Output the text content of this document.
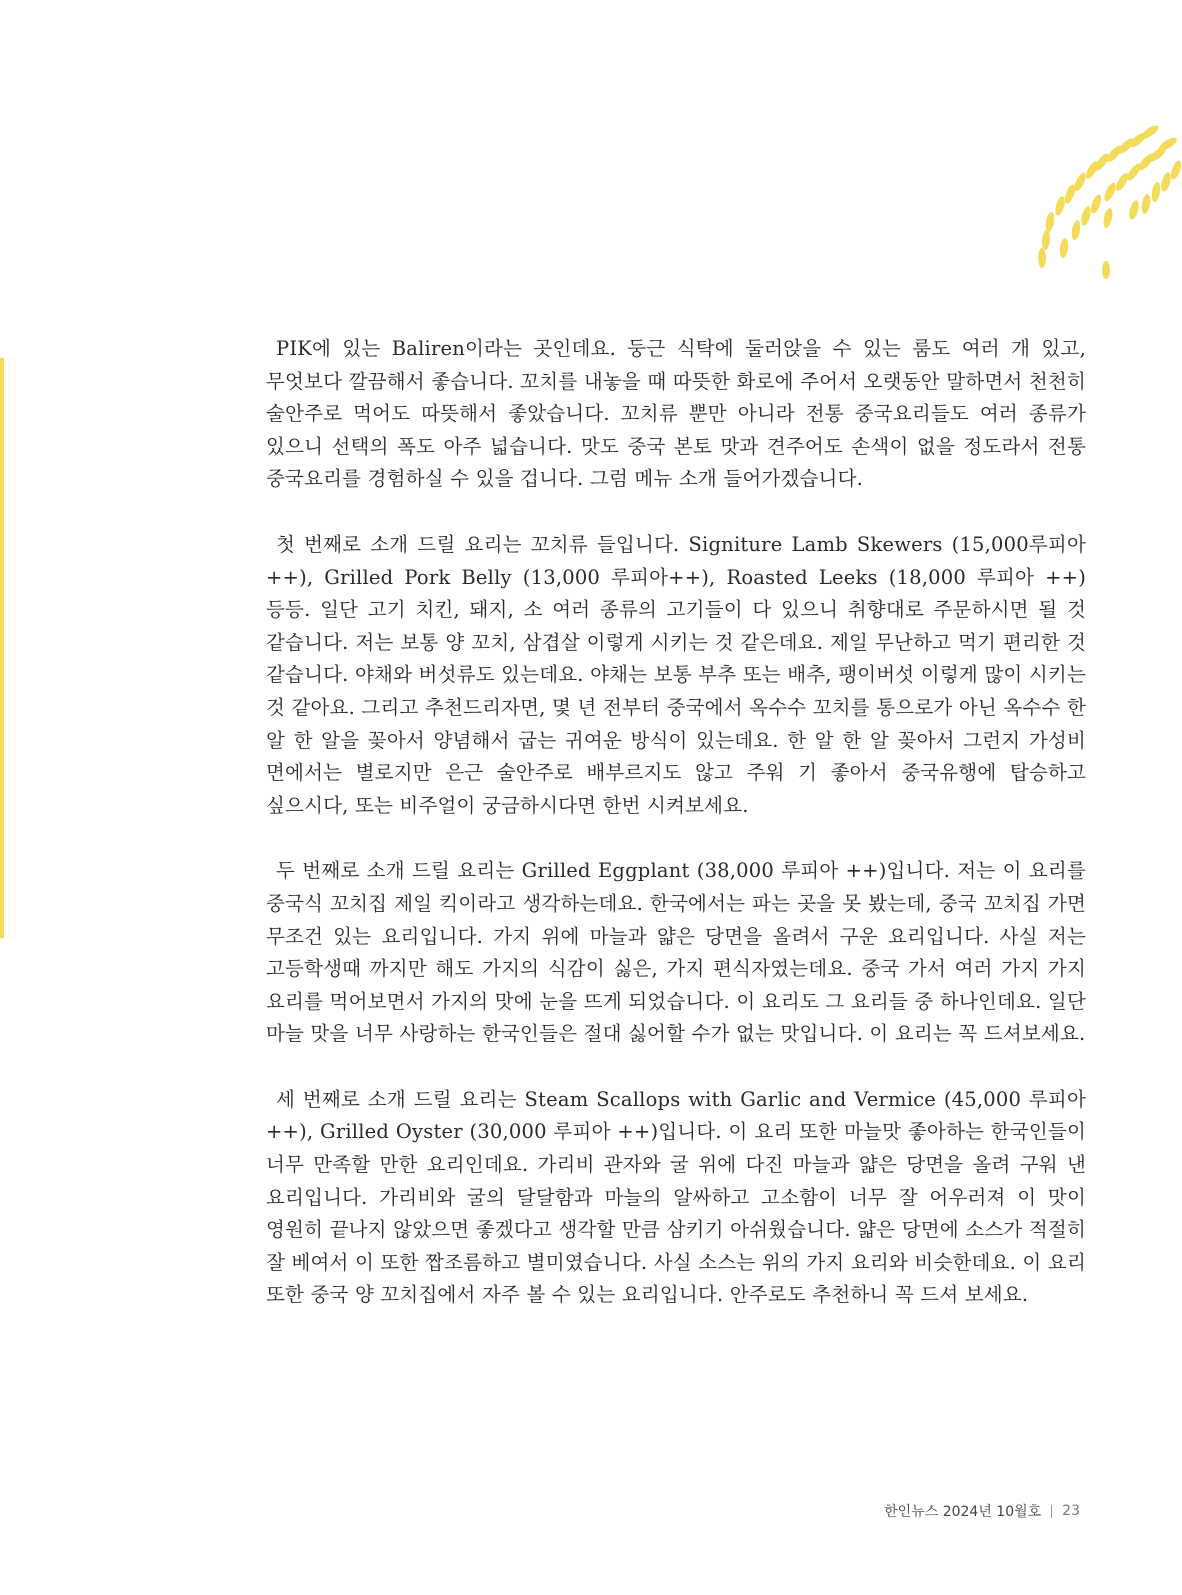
PIK에 있는 Baliren이라는 곳인데요. 둥근 식탁에 둘러앉을 수 있는 룸도 여러 개 있고, 무엇보다 깔끔해서 좋습니다. 꼬치를 내놓을 때 따뜻한 화로에 주어서 오랫동안 말하면서 천천히 술안주로 먹어도 따뜻해서 좋았습니다. 꼬치류 뿐만 아니라 전통 중국요리들도 여러 종류가 있으니 선택의 폭도 아주 넓습니다. 맛도 중국 본토 맛과 견주어도 손색이 없을 정도라서 전통 중국요리를 경험하실 수 있을 겁니다. 그럼 메뉴 소개 들어가겠습니다.

첫 번째로 소개 드릴 요리는 꼬치류 들입니다. Signiture Lamb Skewers (15,000루피아 ++), Grilled Pork Belly (13,000 루피아++), Roasted Leeks (18,000 루피아 ++) 등등. 일단 고기 치킨, 돼지, 소 여러 종류의 고기들이 다 있으니 취향대로 주문하시면 될 것 같습니다. 저는 보통 양 꼬치, 삼겹살 이렇게 시키는 것 같은데요. 제일 무난하고 먹기 편리한 것 같습니다. 야채와 버섯류도 있는데요. 야채는 보통 부추 또는 배추, 팽이버섯 이렇게 많이 시키는 것 같아요. 그리고 추천드리자면, 몇 년 전부터 중국에서 옥수수 꼬치를 통으로가 아닌 옥수수 한 알 한 알을 꽂아서 양념해서 굽는 귀여운 방식이 있는데요. 한 알 한 알 꽂아서 그런지 가성비 면에서는 별로지만 은근 술안주로 배부르지도 않고 주워 기 좋아서 중국유행에 탑승하고 싶으시다, 또는 비주얼이 궁금하시다면 한번 시켜보세요.

두 번째로 소개 드릴 요리는 Grilled Eggplant (38,000 루피아 ++)입니다. 저는 이 요리를 중국식 꼬치집 제일 킥이라고 생각하는데요. 한국에서는 파는 곳을 못 봤는데, 중국 꼬치집 가면 무조건 있는 요리입니다. 가지 위에 마늘과 얇은 당면을 올려서 구운 요리입니다. 사실 저는 고등학생때 까지만 해도 가지의 식감이 싫은, 가지 편식자였는데요. 중국 가서 여러 가지 가지 요리를 먹어보면서 가지의 맛에 눈을 뜨게 되었습니다. 이 요리도 그 요리들 중 하나인데요. 일단 마늘 맛을 너무 사랑하는 한국인들은 절대 싫어할 수가 없는 맛입니다. 이 요리는 꼭 드셔보세요.

세 번째로 소개 드릴 요리는 Steam Scallops with Garlic and Vermice (45,000 루피아 ++), Grilled Oyster (30,000 루피아 ++)입니다. 이 요리 또한 마늘맛 좋아하는 한국인들이 너무 만족할 만한 요리인데요. 가리비 관자와 굴 위에 다진 마늘과 얇은 당면을 올려 구워 낸 요리입니다. 가리비와 굴의 달달함과 마늘의 알싸하고 고소함이 너무 잘 어우러져 이 맛이 영원히 끝나지 않았으면 좋겠다고 생각할 만큼 삼키기 아쉬웠습니다. 얇은 당면에 소스가 적절히 잘 베여서 이 또한 짭조름하고 별미였습니다. 사실 소스는 위의 가지 요리와 비슷한데요. 이 요리 또한 중국 양 꼬치집에서 자주 볼 수 있는 요리입니다. 안주로도 추천하니 꼭 드셔 보세요.

한인뉴스 2024년 10월호 23
